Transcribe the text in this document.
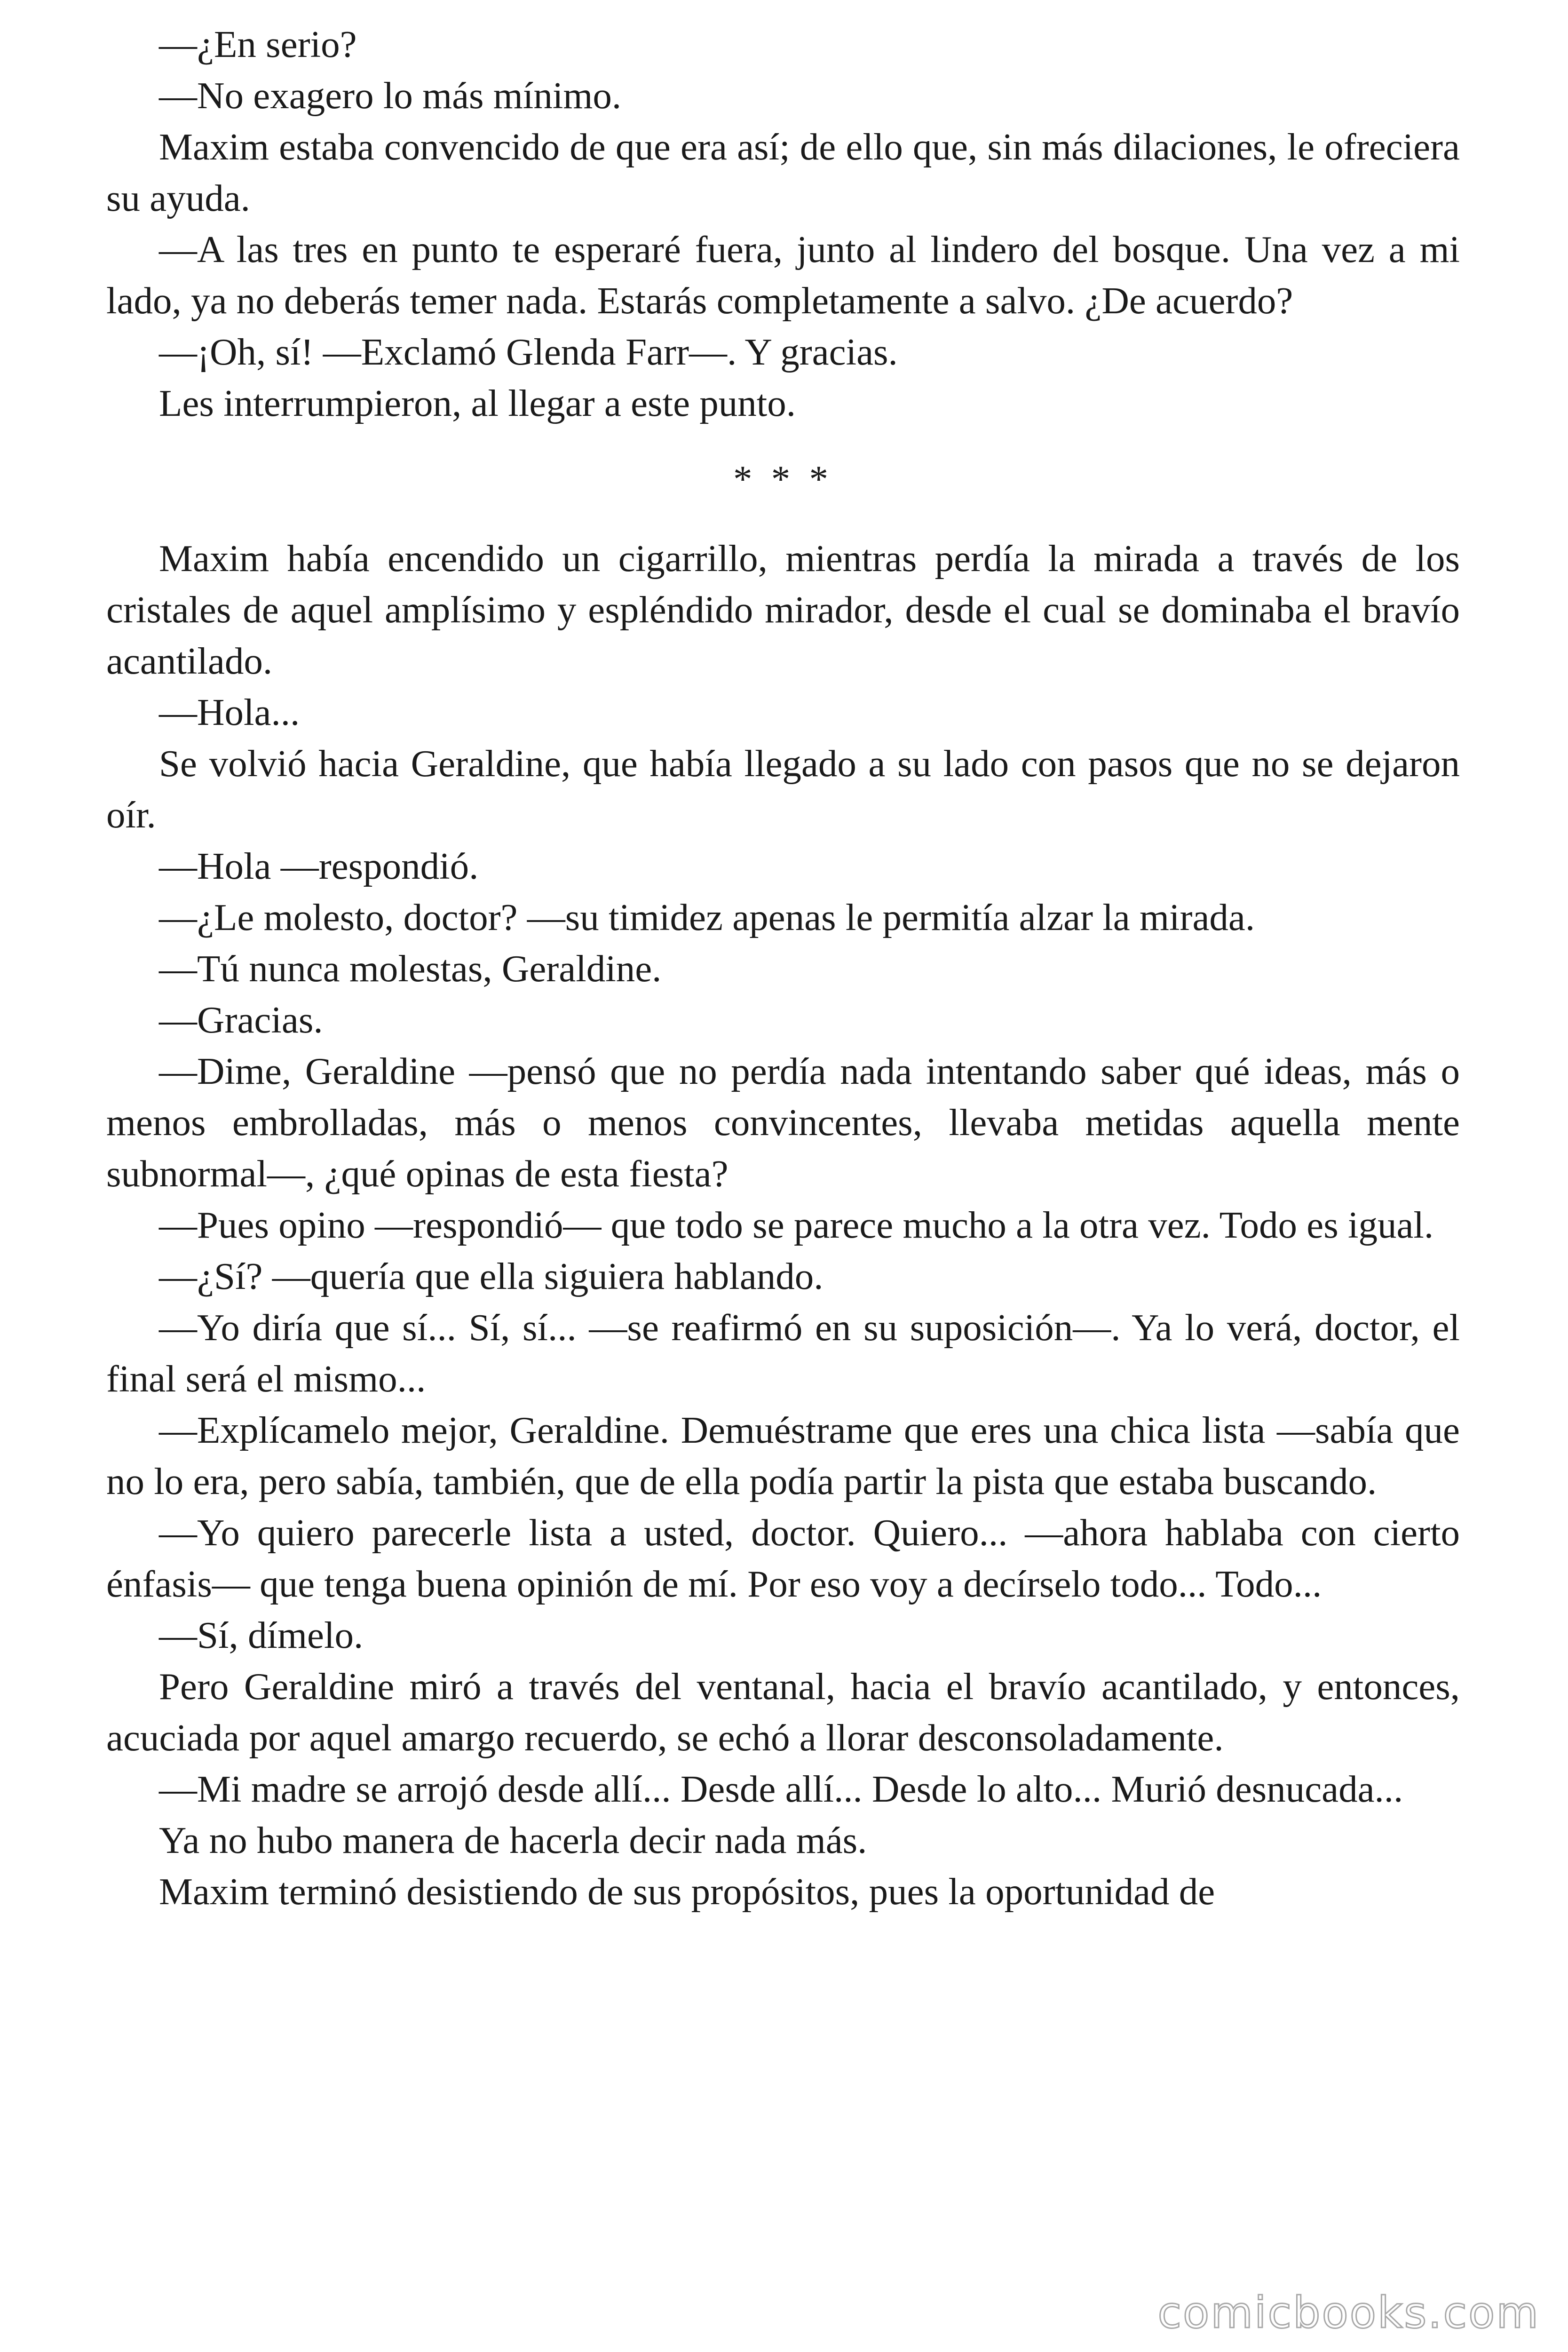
—¿En serio?

—No exagero lo más mínimo.

Maxim estaba convencido de que era así; de ello que, sin más dilaciones, le ofreciera su ayuda.

—A las tres en punto te esperaré fuera, junto al lindero del bosque. Una vez a mi lado, ya no deberás temer nada. Estarás completamente a salvo. ¿De acuerdo?

—¡Oh, sí! —Exclamó Glenda Farr—. Y gracias.

Les interrumpieron, al llegar a este punto.

* * *

Maxim había encendido un cigarrillo, mientras perdía la mirada a través de los cristales de aquel amplísimo y espléndido mirador, desde el cual se dominaba el bravío acantilado.

—Hola...

Se volvió hacia Geraldine, que había llegado a su lado con pasos que no se dejaron oír.

—Hola —respondió.

—¿Le molesto, doctor? —su timidez apenas le permitía alzar la mirada.

—Tú nunca molestas, Geraldine.

—Gracias.

—Dime, Geraldine —pensó que no perdía nada intentando saber qué ideas, más o menos embrolladas, más o menos convincentes, llevaba metidas aquella mente subnormal—, ¿qué opinas de esta fiesta?

—Pues opino —respondió— que todo se parece mucho a la otra vez. Todo es igual.

—¿Sí? —quería que ella siguiera hablando.

—Yo diría que sí... Sí, sí... —se reafirmó en su suposición—. Ya lo verá, doctor, el final será el mismo...

—Explícamelo mejor, Geraldine. Demuéstrame que eres una chica lista —sabía que no lo era, pero sabía, también, que de ella podía partir la pista que estaba buscando.

—Yo quiero parecerle lista a usted, doctor. Quiero... —ahora hablaba con cierto énfasis— que tenga buena opinión de mí. Por eso voy a decírselo todo... Todo...

—Sí, dímelo.

Pero Geraldine miró a través del ventanal, hacia el bravío acantilado, y entonces, acuciada por aquel amargo recuerdo, se echó a llorar desconsoladamente.

—Mi madre se arrojó desde allí... Desde allí... Desde lo alto... Murió desnucada...

Ya no hubo manera de hacerla decir nada más.

Maxim terminó desistiendo de sus propósitos, pues la oportunidad de

comicbooks.com
